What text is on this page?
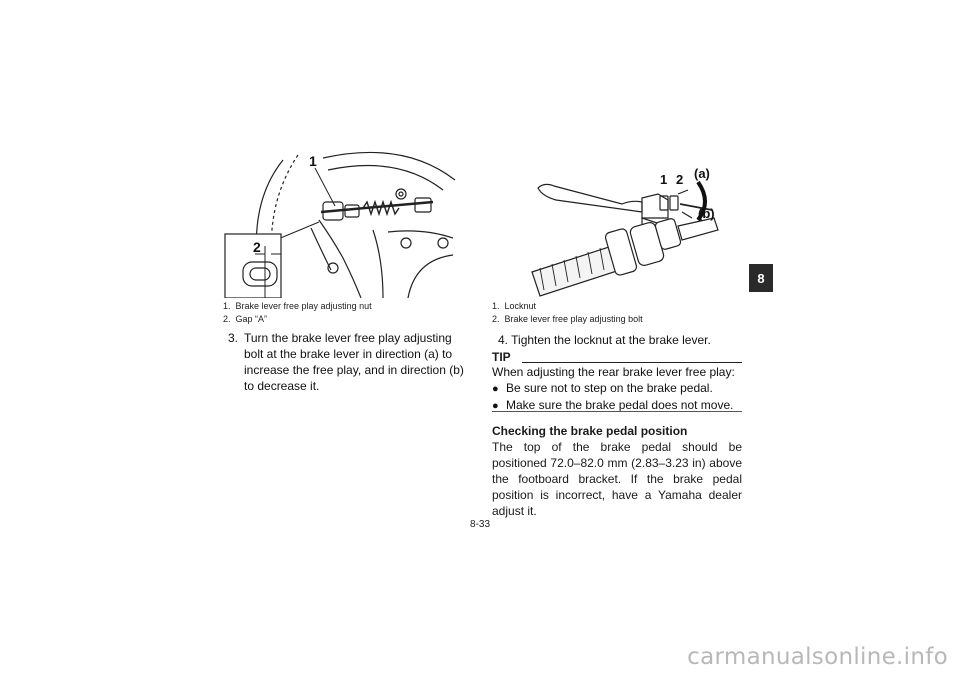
1
2
1. Brake lever free play adjusting nut
2. Gap “A”
1 2 (a)
(b)
1. Locknut
2. Brake lever free play adjusting bolt
3. Turn the brake lever free play adjusting bolt at the brake lever in direction (a) to increase the free play, and in direction (b) to decrease it.
4. Tighten the locknut at the brake lever.
TIP
When adjusting the rear brake lever free play:
● Be sure not to step on the brake pedal.
● Make sure the brake pedal does not move.
Checking the brake pedal position
The top of the brake pedal should be positioned 72.0–82.0 mm (2.83–3.23 in) above the footboard bracket. If the brake pedal position is incorrect, have a Yamaha dealer adjust it.
8
8-33
carmanualsonline.info
